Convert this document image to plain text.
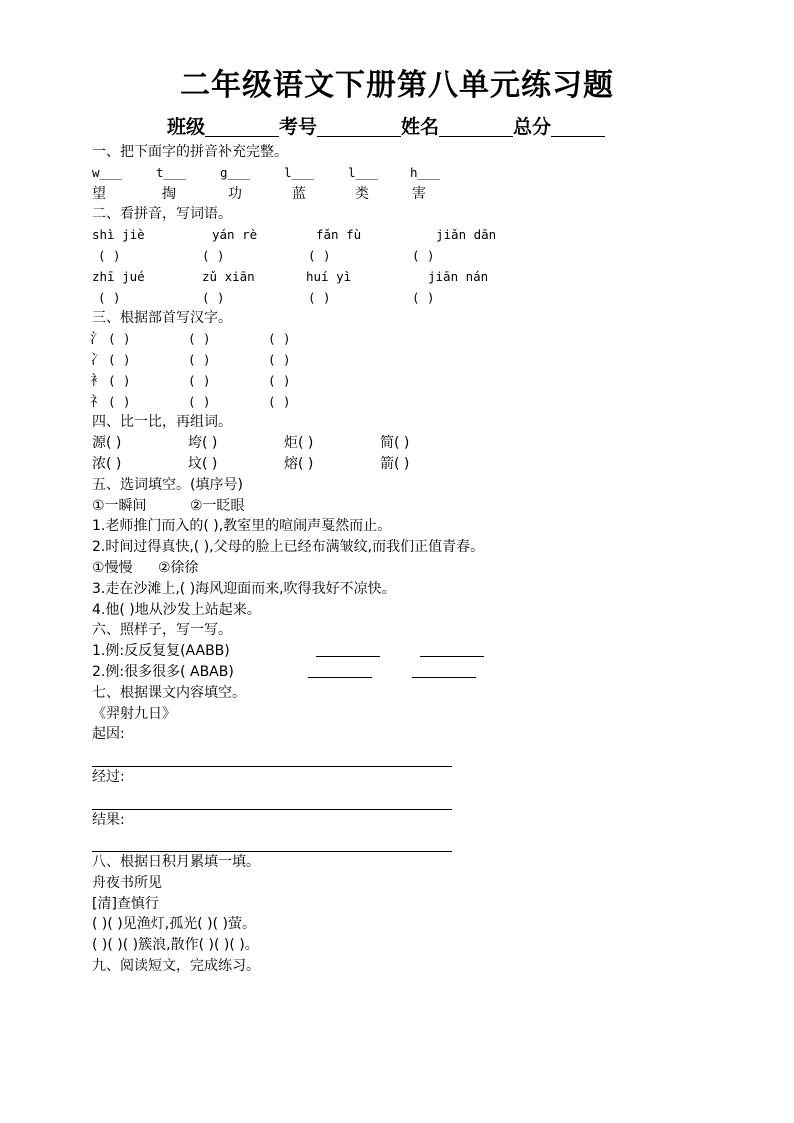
二年级语文下册第八单元练习题
班级	考号	姓名	总分
一、把下面字的拼音补充完整。
w___	t___	g___	l___	l___	h___
望	掏	功	蓝	类	害
二、看拼音，写词语。
shì jiè	yán rè	fǎn fù	jiǎn dān
( )	( )	( )	( )
zhī jué	zǔ xiān	huí yì	jiān nán
( )	( )	( )	( )
三、根据部首写汉字。
氵 ( )	( )	( )
冫 ( )	( )	( )
衤 ( )	( )	( )
礻 ( )	( )	( )
四、比一比，再组词。
源( )	垮( )	炬( )	简( )
浓( )	坟( )	熔( )	箭( )
五、选词填空。(填序号)
①一瞬间	②一眨眼
1.老师推门而入的( ),教室里的喧闹声戛然而止。
2.时间过得真快,( ),父母的脸上已经布满皱纹,而我们正值青春。
①慢慢 ②徐徐
3.走在沙滩上,( )海风迎面而来,吹得我好不凉快。
4.他( )地从沙发上站起来。
六、照样子，写一写。
1.例:反反复复(AABB)
2.例:很多很多( ABAB)
七、根据课文内容填空。
《羿射九日》
起因:
经过:
结果:
八、根据日积月累填一填。
舟夜书所见
[清]查慎行
( )( )见渔灯,孤光( )( )萤。
( )( )( )簇浪,散作( )( )( )。
九、阅读短文，完成练习。
